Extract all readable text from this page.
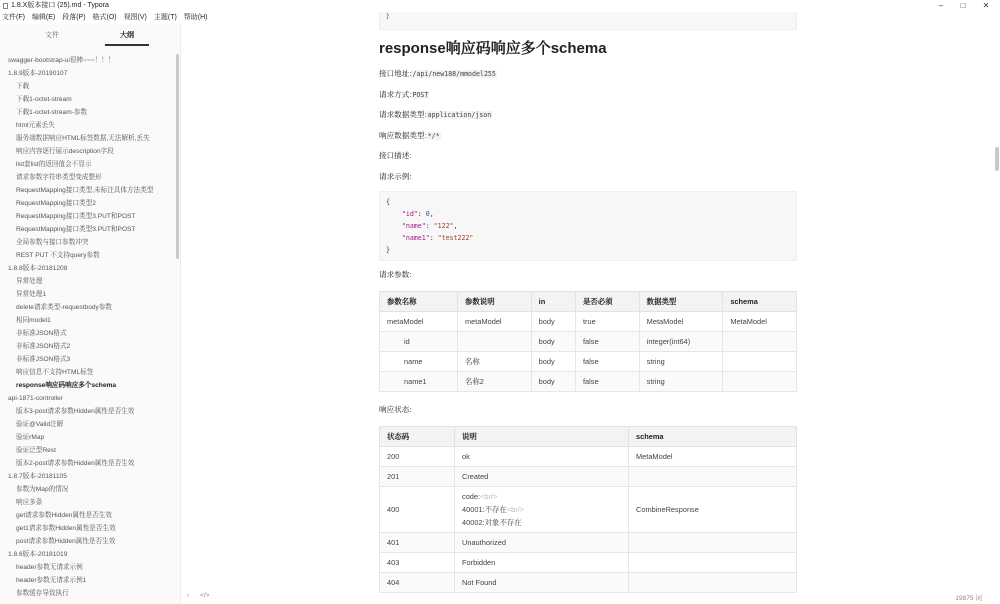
1.8.X版本接口 (25).md - Typora	–	□	✕
文件(F) 编辑(E) 段落(P) 格式(O) 视图(V) 主题(T) 帮助(H)
文件	大纲
swagger-bootstrap-ui很棒~~~！！！
1.8.9版本-20190107
下载
下载1-octet-stream
下载1-octet-stream-参数
html元素丢失
服务端数据响应HTML标签数据,无法解析,丢失
响应内容逐行展示description字段
list套list的返回值会不显示
请求参数字符串类型变成整形
RequestMapping接口类型,未标注具体方法类型
RequestMapping接口类型2
RequestMapping接口类型3.PUT和POST
RequestMapping接口类型3.PUT和POST
全局参数与接口参数冲突
REST PUT 不支持query参数
1.8.8版本-20181208
异常处理
异常处理1
delete请求类型-requestbody参数
相同model1
非标准JSON格式
非标准JSON格式2
非标准JSON格式3
响应信息不支持HTML标签
response响应码响应多个schema
api-1871-controller
版本3-post请求参数Hidden属性是否生效
验证@Valid注解
验证rMap
验证泛型Rest
版本2-post请求参数Hidden属性是否生效
1.8.7版本-20181105
参数为Map的情况
响应多条
get请求参数Hidden属性是否生效
get1请求参数Hidden属性是否生效
post请求参数Hidden属性是否生效
1.8.6版本-20181019
header参数无请求示例
header参数无请求示例1
参数缓存导致执行
}
response响应码响应多个schema
接口地址:/api/new188/mmodel255
请求方式:POST
请求数据类型:application/json
响应数据类型:*/*
接口描述:
请求示例:
{
"id": 0,
"name": "122",
"name1": "test222"
}
请求参数:
参数名称	参数说明	in	是否必须	数据类型	schema
metaModel	metaModel	body	true	MetaModel	MetaModel
id		body	false	integer(int64)	
name	名称	body	false	string	
name1	名称2	body	false	string	
响应状态:
状态码	说明	schema
200	ok	MetaModel
201	Created	
400	code:<br/>
40001:不存在<br/>
40002:对象不存在	CombineResponse
401	Unauthorized	
403	Forbidden	
404	Not Found	
‹ </>	19875 词
